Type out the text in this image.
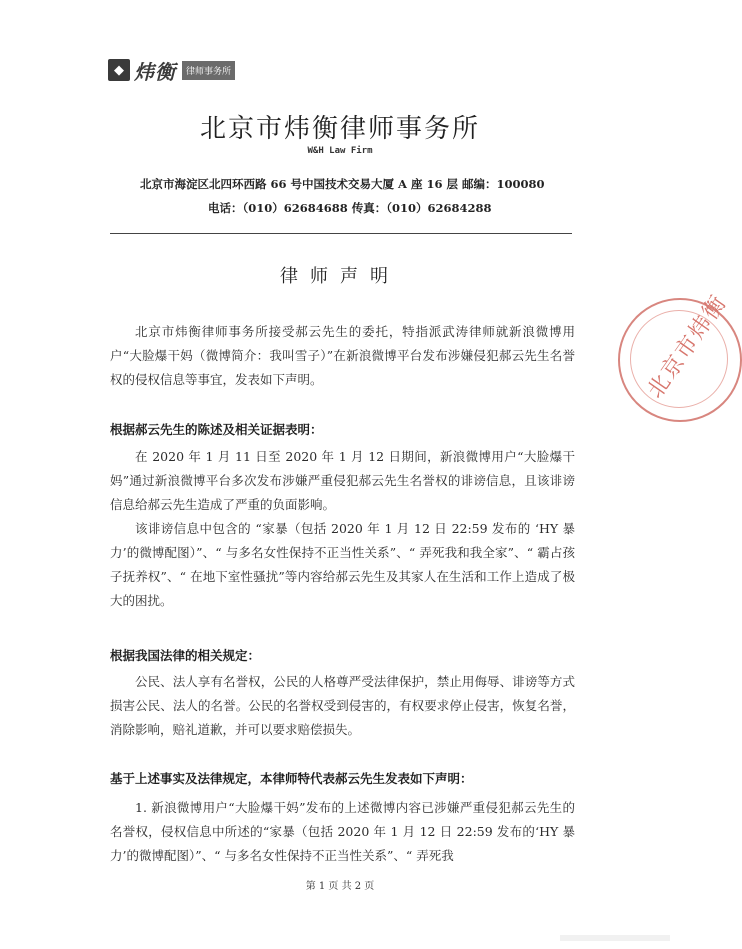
◆ 炜衡	律师事务所
北京市炜衡律师事务所
W&H Law Firm
北京市海淀区北四环西路 66 号中国技术交易大厦 A 座 16 层 邮编：100080
电话：（010）62684688 传真：（010）62684288
律师声明

北京市炜衡律师事务所接受郝云先生的委托，特指派武涛律师就新浪微博用户“大脸爆干妈（微博简介：我叫雪子）”在新浪微博平台发布涉嫌侵犯郝云先生名誉权的侵权信息等事宜，发表如下声明。

根据郝云先生的陈述及相关证据表明：

在 2020 年 1 月 11 日至 2020 年 1 月 12 日期间，新浪微博用户“大脸爆干妈”通过新浪微博平台多次发布涉嫌严重侵犯郝云先生名誉权的诽谤信息，且该诽谤信息给郝云先生造成了严重的负面影响。

该诽谤信息中包含的 “家暴（包括 2020 年 1 月 12 日 22:59 发布的 ‘HY 暴力’的微博配图）”、“ 与多名女性保持不正当性关系”、“ 弄死我和我全家”、“ 霸占孩子抚养权”、“ 在地下室性骚扰”等内容给郝云先生及其家人在生活和工作上造成了极大的困扰。

根据我国法律的相关规定：

公民、法人享有名誉权，公民的人格尊严受法律保护，禁止用侮辱、诽谤等方式损害公民、法人的名誉。公民的名誉权受到侵害的，有权要求停止侵害，恢复名誉，消除影响，赔礼道歉，并可以要求赔偿损失。

基于上述事实及法律规定，本律师特代表郝云先生发表如下声明：

1. 新浪微博用户“大脸爆干妈”发布的上述微博内容已涉嫌严重侵犯郝云先生的名誉权，侵权信息中所述的“家暴（包括 2020 年 1 月 12 日 22:59 发布的‘HY 暴力’的微博配图）”、“ 与多名女性保持不正当性关系”、“ 弄死我

第 1 页 共 2 页
北京市炜衡
